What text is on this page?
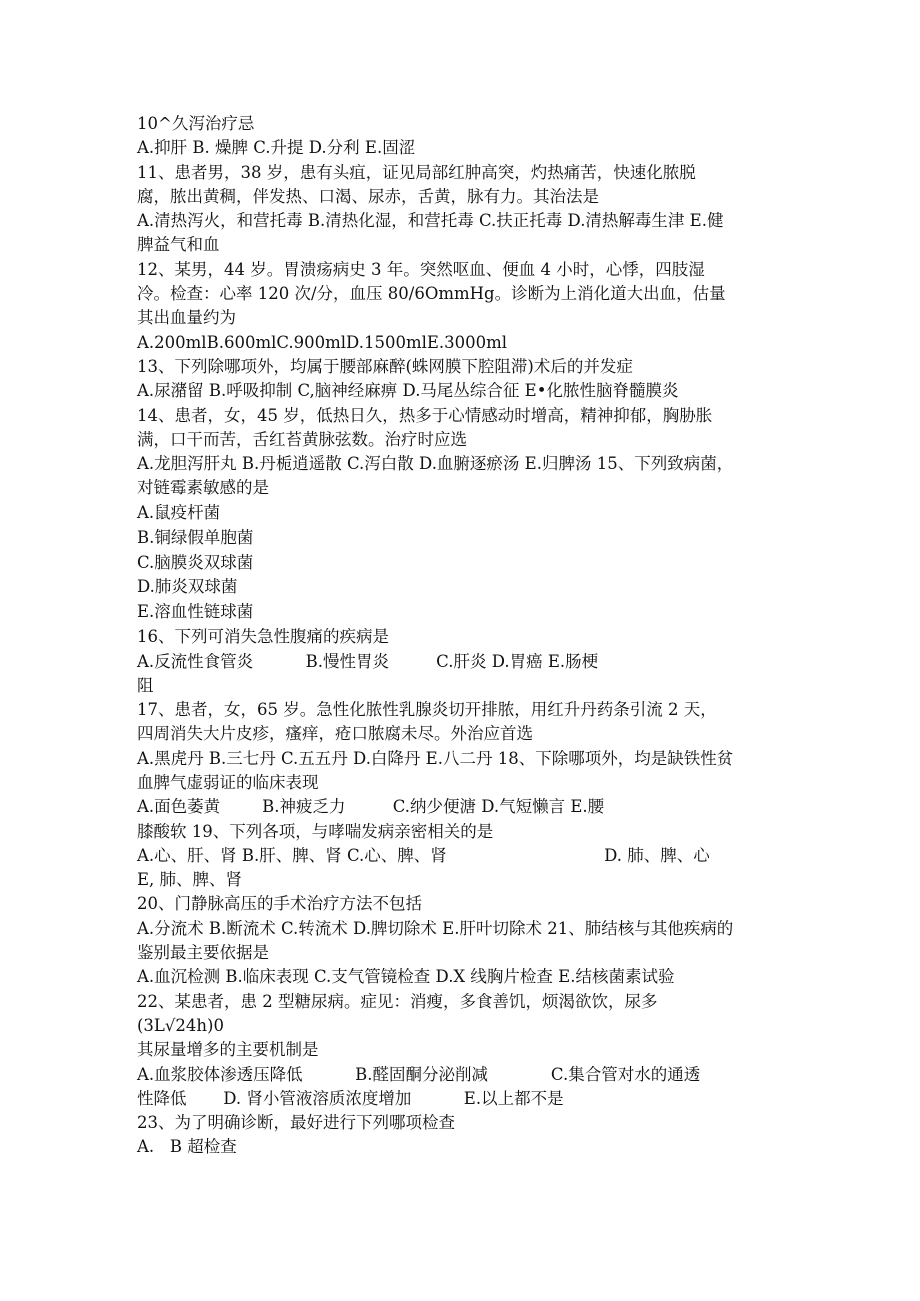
10^久泻治疗忌
A.抑肝 B. 燥脾 C.升提 D.分利 E.固涩
11、患者男，38 岁，患有头疽，证见局部红肿高突，灼热痛苦，快速化脓脱
腐，脓出黄稠，伴发热、口渴、尿赤，舌黄，脉有力。其治法是
A.清热泻火，和营托毒 B.清热化湿，和营托毒 C.扶正托毒 D.清热解毒生津 E.健
脾益气和血
12、某男，44 岁。胃溃疡病史 3 年。突然呕血、便血 4 小时，心悸，四肢湿
冷。检查：心率 120 次/分，血压 80/6OmmHg。诊断为上消化道大出血，估量
其出血量约为
A.200mlB.600mlC.900mlD.1500mlE.3000ml
13、下列除哪项外，均属于腰部麻醉(蛛网膜下腔阻滞)术后的并发症
A.尿潴留 B.呼吸抑制 C,脑神经麻痹 D.马尾丛综合征 E•化脓性脑脊髓膜炎
14、患者，女，45 岁，低热日久，热多于心情感动时增高，精神抑郁，胸胁胀
满，口干而苦，舌红苔黄脉弦数。治疗时应选
A.龙胆泻肝丸 B.丹栀逍遥散 C.泻白散 D.血腑逐瘀汤 E.归脾汤 15、下列致病菌，
对链霉素敏感的是
A.鼠疫杆菌
B.铜绿假单胞菌
C.脑膜炎双球菌
D.肺炎双球菌
E.溶血性链球菌
16、下列可消失急性腹痛的疾病是
A.反流性食管炎          B.慢性胃炎         C.肝炎 D.胃癌 E.肠梗
阻
17、患者，女，65 岁。急性化脓性乳腺炎切开排脓，用红升丹药条引流 2 天，
四周消失大片皮疹，瘙痒，疮口脓腐未尽。外治应首选
A.黑虎丹 B.三七丹 C.五五丹 D.白降丹 E.八二丹 18、下除哪项外，均是缺铁性贫
血脾气虚弱证的临床表现
A.面色萎黄        B.神疲乏力         C.纳少便溏 D.气短懒言 E.腰
膝酸软 19、下列各项，与哮喘发病亲密相关的是
A.心、肝、肾 B.肝、脾、肾 C.心、脾、肾                              D. 肺、脾、心
E, 肺、脾、肾
20、门静脉高压的手术治疗方法不包括
A.分流术 B.断流术 C.转流术 D.脾切除术 E.肝叶切除术 21、肺结核与其他疾病的
鉴别最主要依据是
A.血沉检测 B.临床表现 C.支气管镜检查 D.X 线胸片检查 E.结核菌素试验
22、某患者，患 2 型糖尿病。症见：消瘦，多食善饥，烦渴欲饮，尿多
(3L√24h)0
其尿量增多的主要机制是
A.血浆胶体渗透压降低          B.醛固酮分泌削减            C.集合管对水的通透
性降低       D. 肾小管液溶质浓度增加          E.以上都不是
23、为了明确诊断，最好进行下列哪项检查
A.   B 超检查
